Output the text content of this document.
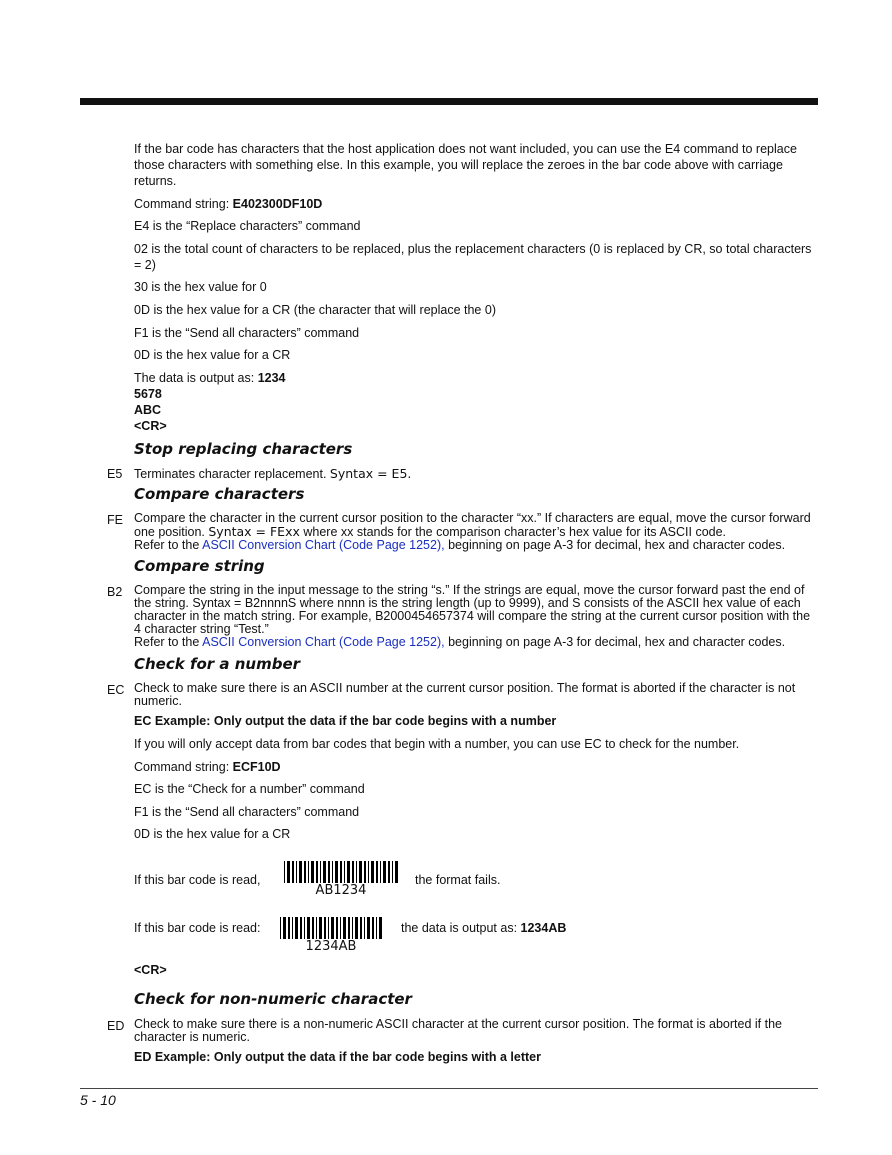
If the bar code has characters that the host application does not want included, you can use the E4 command to replace those characters with something else. In this example, you will replace the zeroes in the bar code above with carriage returns.
Command string: E402300DF10D
E4 is the “Replace characters” command
02 is the total count of characters to be replaced, plus the replacement characters (0 is replaced by CR, so total characters = 2)
30 is the hex value for 0
0D is the hex value for a CR (the character that will replace the 0)
F1 is the “Send all characters” command
0D is the hex value for a CR
The data is output as: 1234
5678
ABC
<CR>
Stop replacing characters
E5 Terminates character replacement. Syntax = E5.
Compare characters
FE Compare the character in the current cursor position to the character “xx.” If characters are equal, move the cursor forward one position. Syntax = FExx where xx stands for the comparison character’s hex value for its ASCII code.
Refer to the ASCII Conversion Chart (Code Page 1252), beginning on page A-3 for decimal, hex and character codes.
Compare string
B2 Compare the string in the input message to the string “s.” If the strings are equal, move the cursor forward past the end of the string. Syntax = B2nnnnS where nnnn is the string length (up to 9999), and S consists of the ASCII hex value of each character in the match string. For example, B2000454657374 will compare the string at the current cursor position with the 4 character string “Test.”
Refer to the ASCII Conversion Chart (Code Page 1252), beginning on page A-3 for decimal, hex and character codes.
Check for a number
EC Check to make sure there is an ASCII number at the current cursor position. The format is aborted if the character is not numeric.
EC Example: Only output the data if the bar code begins with a number
If you will only accept data from bar codes that begin with a number, you can use EC to check for the number.
Command string: ECF10D
EC is the “Check for a number” command
F1 is the “Send all characters” command
0D is the hex value for a CR
If this bar code is read,
AB1234
the format fails.
If this bar code is read:
1234AB
the data is output as: 1234AB
<CR>
Check for non-numeric character
ED Check to make sure there is a non-numeric ASCII character at the current cursor position. The format is aborted if the character is numeric.
ED Example: Only output the data if the bar code begins with a letter
5 - 10
